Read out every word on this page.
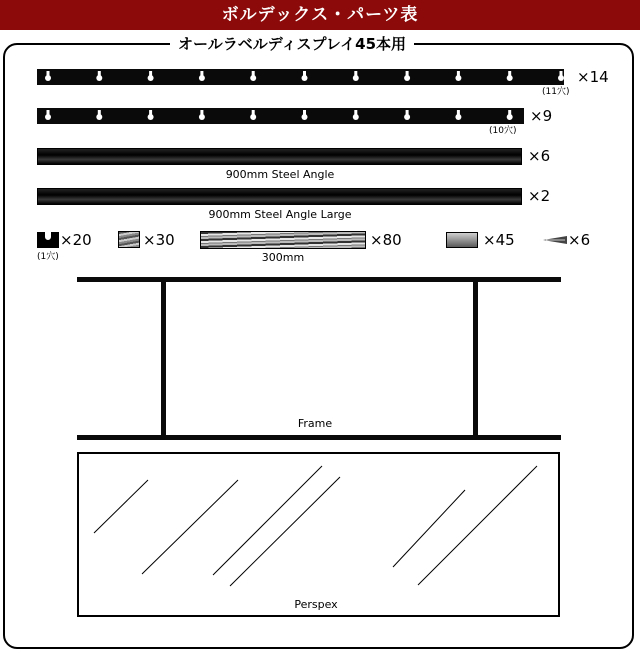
ボルデックス・パーツ表
オールラベルディスプレイ45本用
×14
(11穴)
×9
(10穴)
×6
900mm Steel Angle
×2
900mm Steel Angle Large
×20
(1穴)
×30	×80
300mm
×45	×6
Frame
Perspex
